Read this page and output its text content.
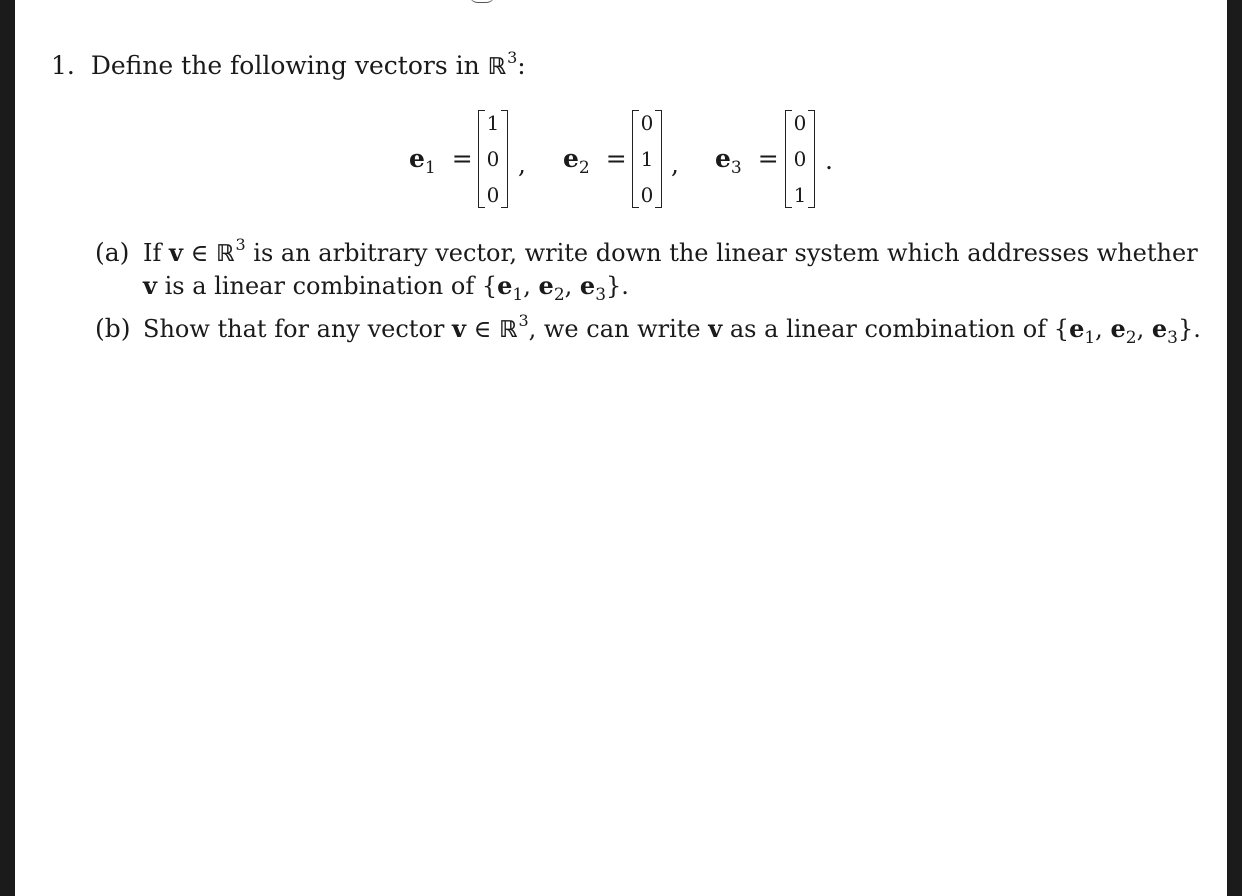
1. Define the following vectors in ℝ$^3$:
$e_1$ =
1
0
0
, $e_2$ =
0
1
0
, $e_3$ =
0
0
1
.
(a) If v ∈ ℝ$^3$ is an arbitrary vector, write down the linear system which addresses whether
v is a linear combination of {$e_1$, $e_2$, $e_3$}.
(b) Show that for any vector v ∈ ℝ$^3$, we can write v as a linear combination of {$e_1$, $e_2$, $e_3$}.
